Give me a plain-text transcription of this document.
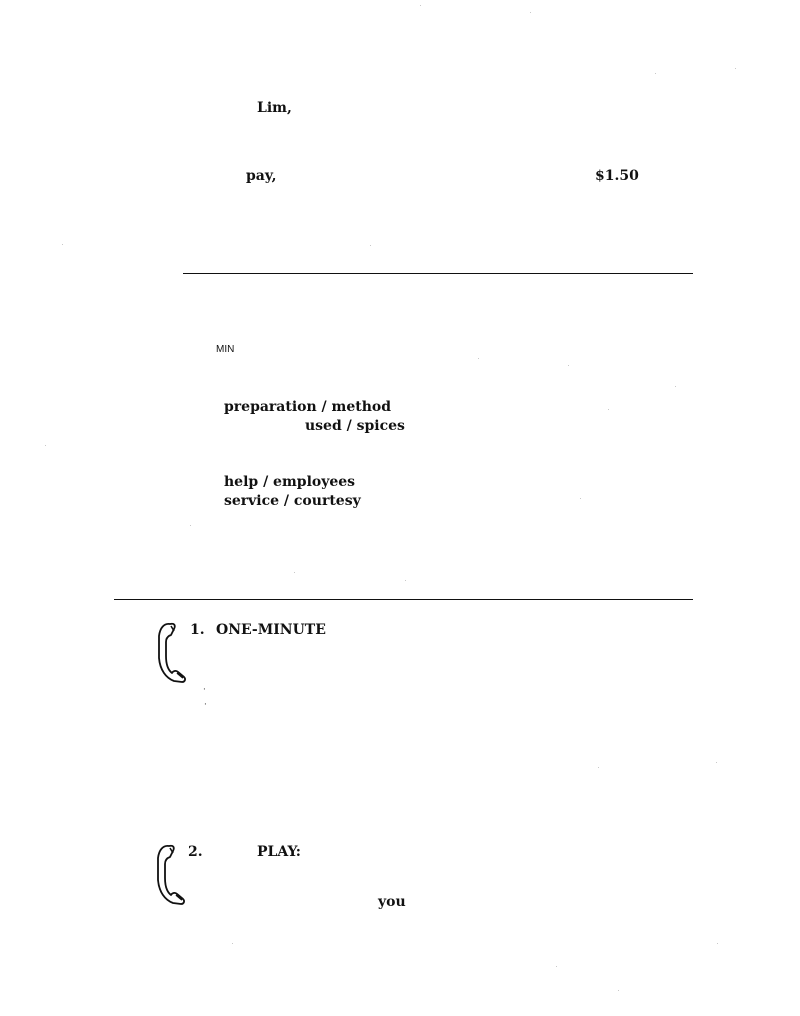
Lim,
pay,	$1.50
MIN
preparation / method
used / spices
help / employees
service / courtesy
1. ONE-MINUTE
·
·
2.	PLAY:
you
